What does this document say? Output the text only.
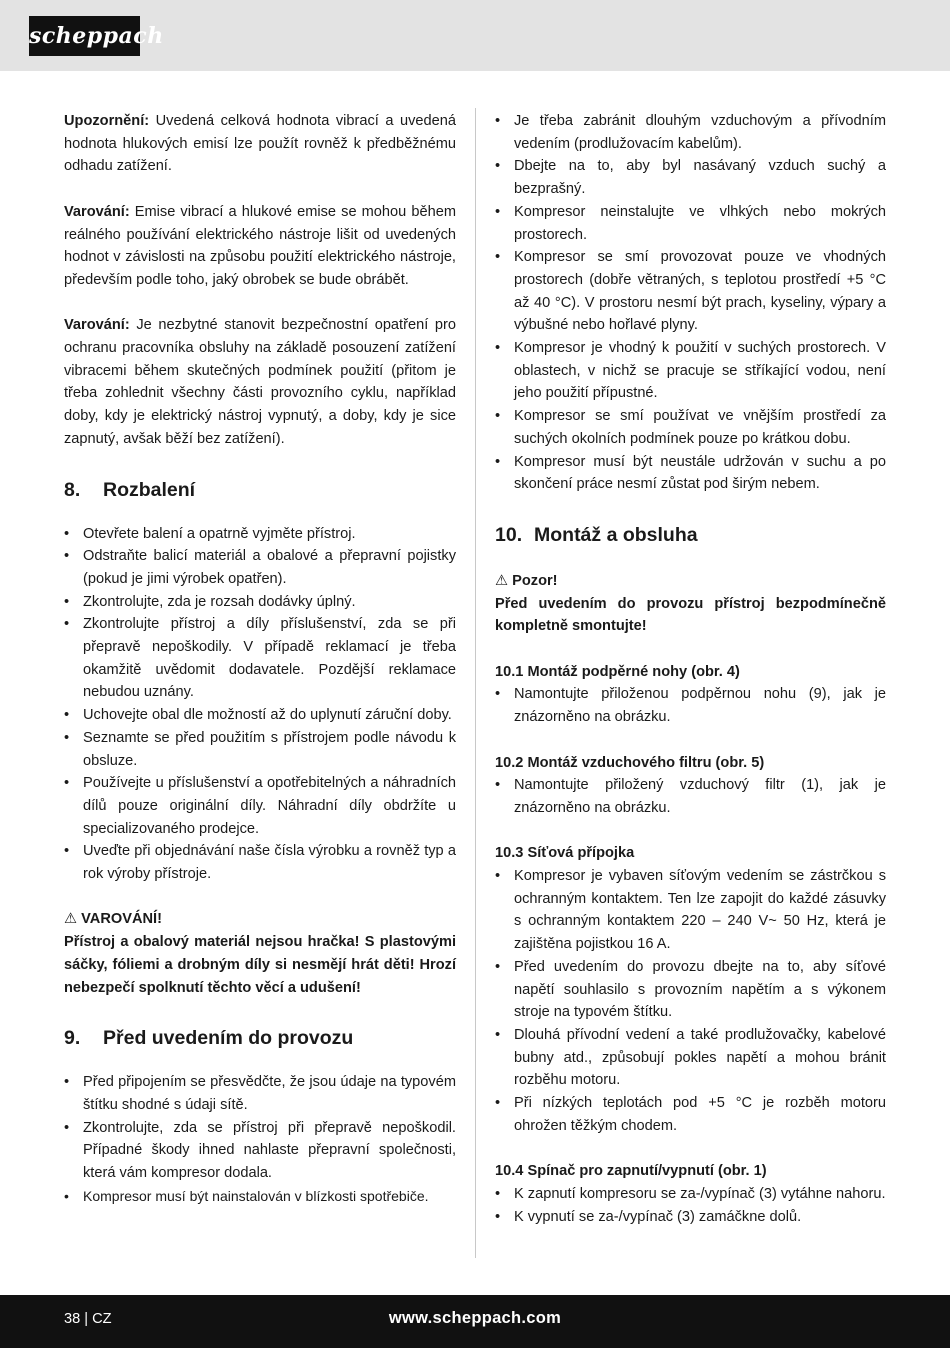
scheppach

Upozornění: Uvedená celková hodnota vibrací a uvedená hodnota hlukových emisí lze použít rovněž k předběžnému odhadu zatížení.

Varování: Emise vibrací a hlukové emise se mohou během reálného používání elektrického nástroje lišit od uvedených hodnot v závislosti na způsobu použití elektrického nástroje, především podle toho, jaký obrobek se bude obrábět.

Varování: Je nezbytné stanovit bezpečnostní opatření pro ochranu pracovníka obsluhy na základě posouzení zatížení vibracemi během skutečných podmínek použití (přitom je třeba zohlednit všechny části provozního cyklu, například doby, kdy je elektrický nástroj vypnutý, a doby, kdy je sice zapnutý, avšak běží bez zatížení).

8. Rozbalení
• Otevřete balení a opatrně vyjměte přístroj.
• Odstraňte balicí materiál a obalové a přepravní pojistky (pokud je jimi výrobek opatřen).
• Zkontrolujte, zda je rozsah dodávky úplný.
• Zkontrolujte přístroj a díly příslušenství, zda se při přepravě nepoškodily. V případě reklamací je třeba okamžitě uvědomit dodavatele. Pozdější reklamace nebudou uznány.
• Uchovejte obal dle možností až do uplynutí záruční doby.
• Seznamte se před použitím s přístrojem podle návodu k obsluze.
• Používejte u příslušenství a opotřebitelných a náhradních dílů pouze originální díly. Náhradní díly obdržíte u specializovaného prodejce.
• Uveďte při objednávání naše čísla výrobku a rovněž typ a rok výroby přístroje.
⚠ VAROVÁNÍ!

Přístroj a obalový materiál nejsou hračka! S plastovými sáčky, fóliemi a drobným díly si nesmějí hrát děti! Hrozí nebezpečí spolknutí těchto věcí a udušení!

9. Před uvedením do provozu
• Před připojením se přesvědčte, že jsou údaje na typovém štítku shodné s údaji sítě.
• Zkontrolujte, zda se přístroj při přepravě nepoškodil. Případné škody ihned nahlaste přepravní společnosti, která vám kompresor dodala.
• Kompresor musí být nainstalován v blízkosti spotřebiče.
• Je třeba zabránit dlouhým vzduchovým a přívodním vedením (prodlužovacím kabelům).
• Dbejte na to, aby byl nasávaný vzduch suchý a bezprašný.
• Kompresor neinstalujte ve vlhkých nebo mokrých prostorech.
• Kompresor se smí provozovat pouze ve vhodných prostorech (dobře větraných, s teplotou prostředí +5 °C až 40 °C). V prostoru nesmí být prach, kyseliny, výpary a výbušné nebo hořlavé plyny.
• Kompresor je vhodný k použití v suchých prostorech. V oblastech, v nichž se pracuje se stříkající vodou, není jeho použití přípustné.
• Kompresor se smí používat ve vnějším prostředí za suchých okolních podmínek pouze po krátkou dobu.
• Kompresor musí být neustále udržován v suchu a po skončení práce nesmí zůstat pod širým nebem.
10. Montáž a obsluha
⚠ Pozor!

Před uvedením do provozu přístroj bezpodmínečně kompletně smontujte!

10.1 Montáž podpěrné nohy (obr. 4)
• Namontujte přiloženou podpěrnou nohu (9), jak je znázorněno na obrázku.
10.2 Montáž vzduchového filtru (obr. 5)
• Namontujte přiložený vzduchový filtr (1), jak je znázorněno na obrázku.
10.3 Síťová přípojka
• Kompresor je vybaven síťovým vedením se zástrčkou s ochranným kontaktem. Ten lze zapojit do každé zásuvky s ochranným kontaktem 220 – 240 V~ 50 Hz, která je zajištěna pojistkou 16 A.
• Před uvedením do provozu dbejte na to, aby síťové napětí souhlasilo s provozním napětím a s výkonem stroje na typovém štítku.
• Dlouhá přívodní vedení a také prodlužovačky, kabelové bubny atd., způsobují pokles napětí a mohou bránit rozběhu motoru.
• Při nízkých teplotách pod +5 °C je rozběh motoru ohrožen těžkým chodem.
10.4 Spínač pro zapnutí/vypnutí (obr. 1)
• K zapnutí kompresoru se za-/vypínač (3) vytáhne nahoru.
• K vypnutí se za-/vypínač (3) zamáčkne dolů.
38 | CZ	www.scheppach.com
